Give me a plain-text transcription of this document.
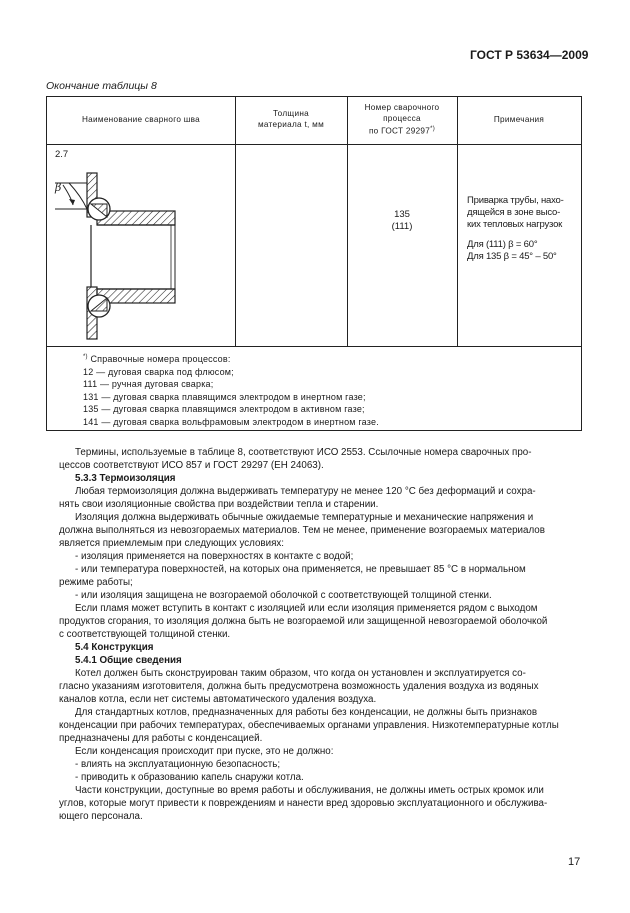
ГОСТ Р 53634—2009
Окончание таблицы 8
Наименование сварного шва
Толщина
материала t, мм
Номер сварочного
процесса
по ГОСТ 29297*)
Примечания
2.7
β
135
(111)
Приварка трубы, нахо-
дящейся в зоне высо-
ких тепловых нагрузок
Для (111) β = 60°
Для 135 β = 45° – 50°
*) Справочные номера процессов:
12 — дуговая сварка под флюсом;
111 — ручная дуговая сварка;
131 — дуговая сварка плавящимся электродом в инертном газе;
135 — дуговая сварка плавящимся электродом в активном газе;
141 — дуговая сварка вольфрамовым электродом в инертном газе.

Термины, используемые в таблице 8, соответствуют ИСО 2553. Ссылочные номера сварочных про-

цессов соответствуют ИСО 857 и ГОСТ 29297 (ЕН 24063).

5.3.3 Термоизоляция

Любая термоизоляция должна выдерживать температуру не менее 120 °С без деформаций и сохра-

нять свои изоляционные свойства при воздействии тепла и старении.

Изоляция должна выдерживать обычные ожидаемые температурные и механические напряжения и

должна выполняться из невозгораемых материалов. Тем не менее, применение возгораемых материалов

является приемлемым при следующих условиях:

- изоляция применяется на поверхностях в контакте с водой;

- или температура поверхностей, на которых она применяется, не превышает 85 °С в нормальном

режиме работы;

- или изоляция защищена не возгораемой оболочкой с соответствующей толщиной стенки.

Если пламя может вступить в контакт с изоляцией или если изоляция применяется рядом с выходом

продуктов сгорания, то изоляция должна быть не возгораемой или защищенной невозгораемой оболочкой

с соответствующей толщиной стенки.

5.4 Конструкция

5.4.1 Общие сведения

Котел должен быть сконструирован таким образом, что когда он установлен и эксплуатируется со-

гласно указаниям изготовителя, должна быть предусмотрена возможность удаления воздуха из водяных

каналов котла, если нет системы автоматического удаления воздуха.

Для стандартных котлов, предназначенных для работы без конденсации, не должны быть признаков

конденсации при рабочих температурах, обеспечиваемых органами управления. Низкотемпературные котлы

предназначены для работы с конденсацией.

Если конденсация происходит при пуске, это не должно:

- влиять на эксплуатационную безопасность;

- приводить к образованию капель снаружи котла.

Части конструкции, доступные во время работы и обслуживания, не должны иметь острых кромок или

углов, которые могут привести к повреждениям и нанести вред здоровью эксплуатационного и обслужива-

ющего персонала.

17
